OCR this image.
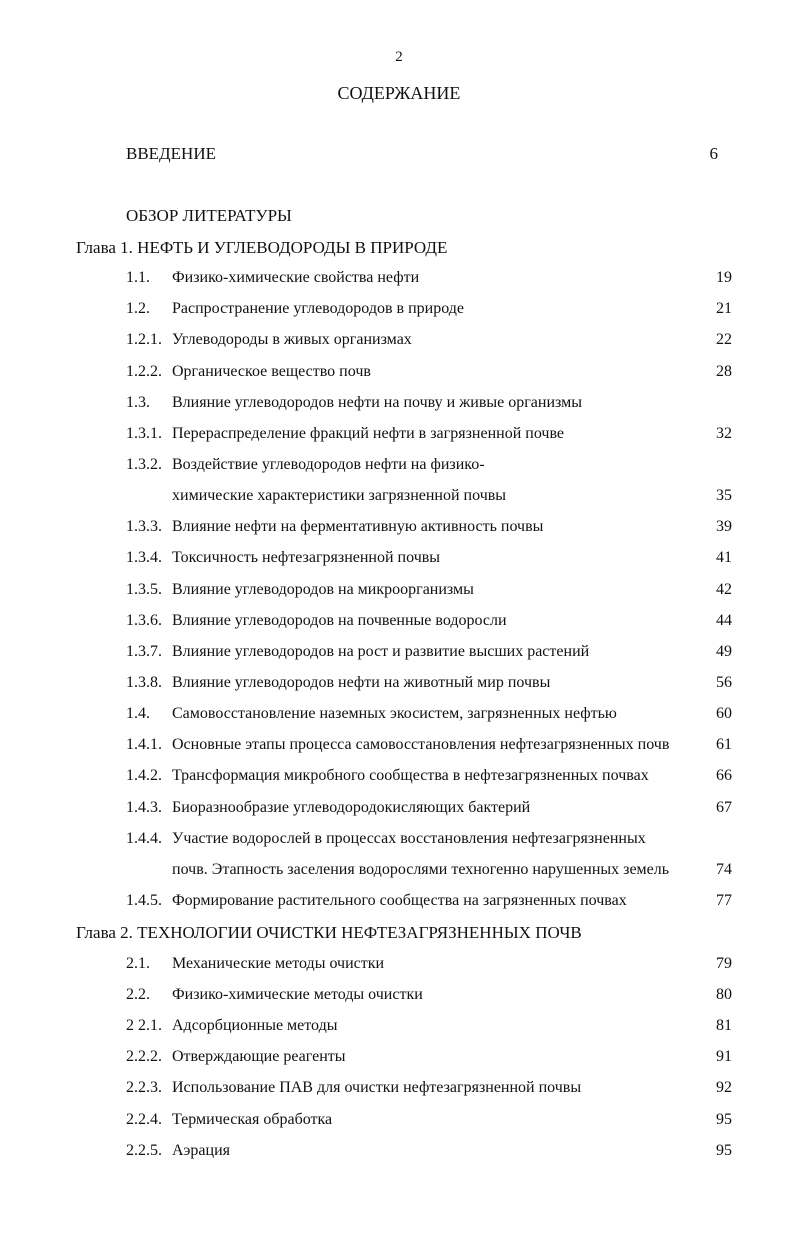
2
СОДЕРЖАНИЕ
ВВЕДЕНИЕ	6
ОБЗОР ЛИТЕРАТУРЫ
Глава 1. НЕФТЬ И УГЛЕВОДОРОДЫ В ПРИРОДЕ
1.1. Физико-химические свойства нефти	19
1.2. Распространение углеводородов в природе	21
1.2.1. Углеводороды в живых организмах	22
1.2.2. Органическое вещество почв	28
1.3. Влияние углеводородов нефти на почву и живые организмы
1.3.1. Перераспределение фракций нефти в загрязненной почве	32
1.3.2. Воздействие углеводородов нефти на физико-
химические характеристики загрязненной почвы	35
1.3.3. Влияние нефти на ферментативную активность почвы	39
1.3.4. Токсичность нефтезагрязненной почвы	41
1.3.5. Влияние углеводородов на микроорганизмы	42
1.3.6. Влияние углеводородов на почвенные водоросли	44
1.3.7. Влияние углеводородов на рост и развитие высших растений	49
1.3.8. Влияние углеводородов нефти на животный мир почвы	56
1.4. Самовосстановление наземных экосистем, загрязненных нефтью	60
1.4.1. Основные этапы процесса самовосстановления нефтезагрязненных почв	61
1.4.2. Трансформация микробного сообщества в нефтезагрязненных почвах	66
1.4.3. Биоразнообразие углеводородокисляющих бактерий	67
1.4.4. Участие водорослей в процессах восстановления нефтезагрязненных
почв. Этапность заселения водорослями техногенно нарушенных земель	74
1.4.5. Формирование растительного сообщества на загрязненных почвах	77
Глава 2. ТЕХНОЛОГИИ ОЧИСТКИ НЕФТЕЗАГРЯЗНЕННЫХ ПОЧВ
2.1. Механические методы очистки	79
2.2. Физико-химические методы очистки	80
2 2.1. Адсорбционные методы	81
2.2.2. Отверждающие реагенты	91
2.2.3. Использование ПАВ для очистки нефтезагрязненной почвы	92
2.2.4. Термическая обработка	95
2.2.5. Аэрация	95
